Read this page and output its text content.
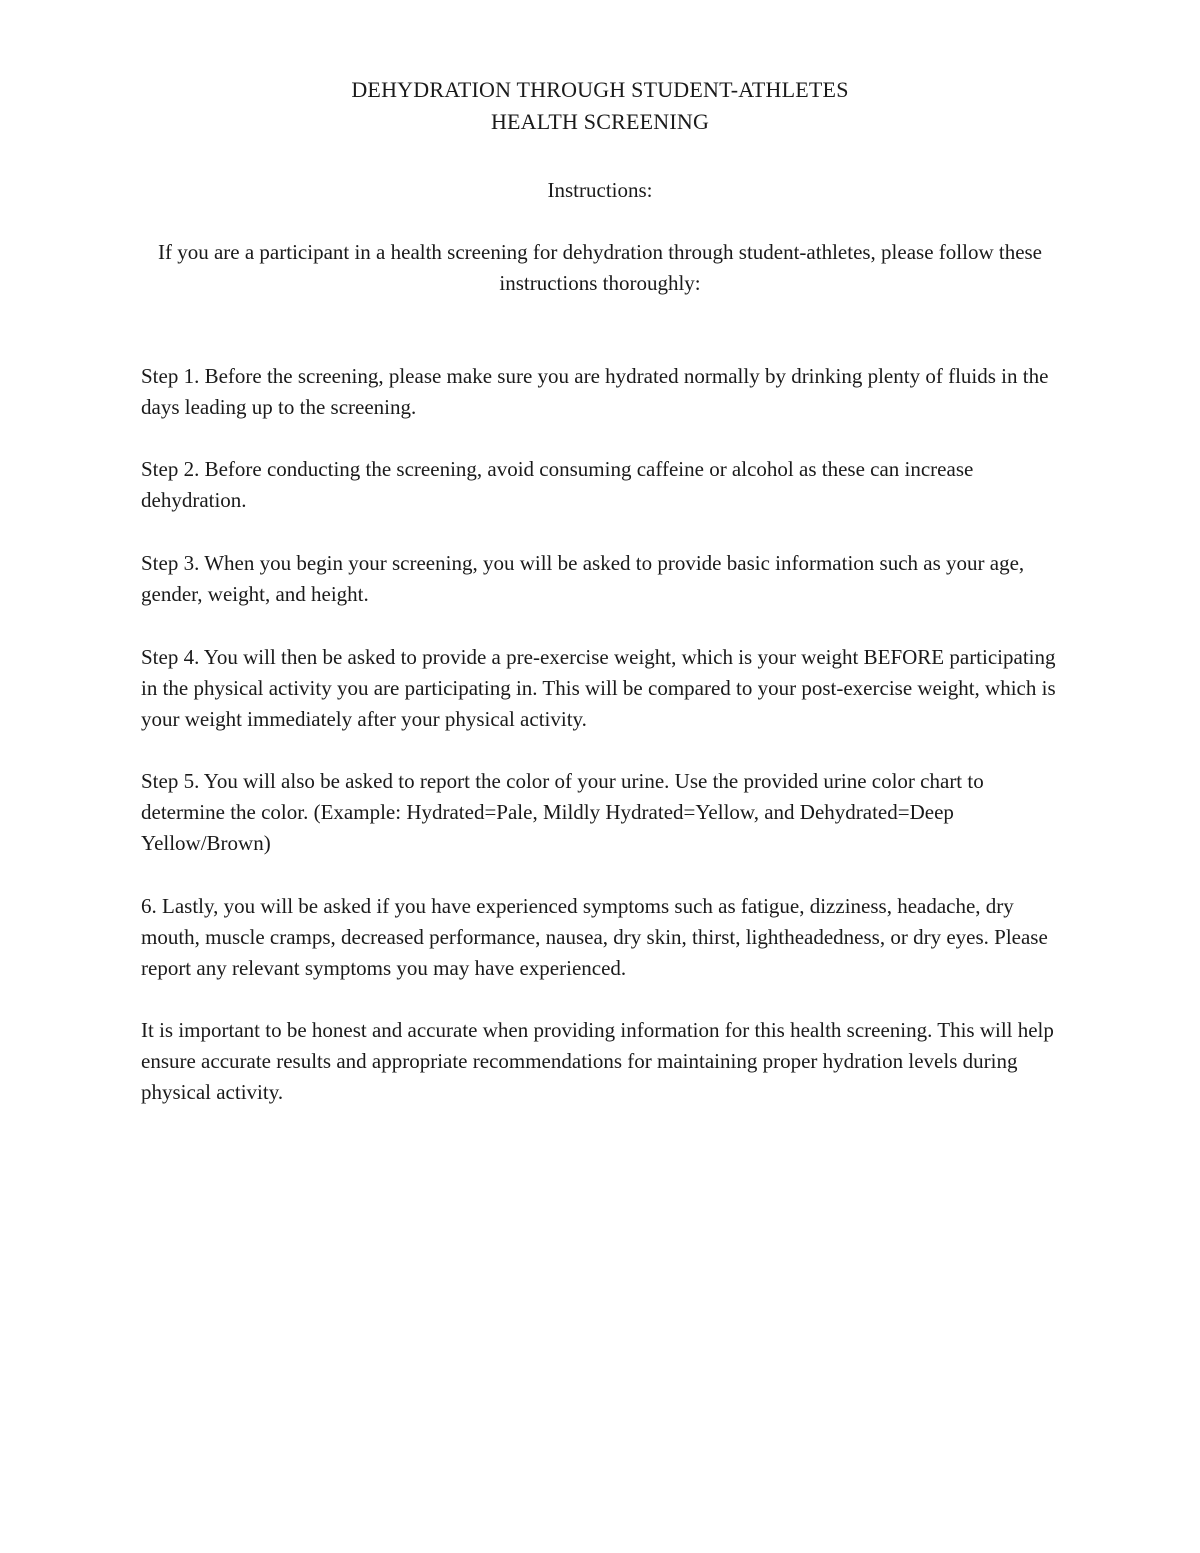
DEHYDRATION THROUGH STUDENT-ATHLETES
HEALTH SCREENING
Instructions:
If you are a participant in a health screening for dehydration through student-athletes, please follow these instructions thoroughly:

Step 1. Before the screening, please make sure you are hydrated normally by drinking plenty of fluids in the days leading up to the screening.

Step 2. Before conducting the screening, avoid consuming caffeine or alcohol as these can increase dehydration.

Step 3. When you begin your screening, you will be asked to provide basic information such as your age, gender, weight, and height.

Step 4. You will then be asked to provide a pre-exercise weight, which is your weight BEFORE participating in the physical activity you are participating in. This will be compared to your post-exercise weight, which is your weight immediately after your physical activity.

Step 5. You will also be asked to report the color of your urine. Use the provided urine color chart to determine the color. (Example: Hydrated=Pale, Mildly Hydrated=Yellow, and Dehydrated=Deep Yellow/Brown)

6. Lastly, you will be asked if you have experienced symptoms such as fatigue, dizziness, headache, dry mouth, muscle cramps, decreased performance, nausea, dry skin, thirst, lightheadedness, or dry eyes. Please report any relevant symptoms you may have experienced.

It is important to be honest and accurate when providing information for this health screening. This will help ensure accurate results and appropriate recommendations for maintaining proper hydration levels during physical activity.
